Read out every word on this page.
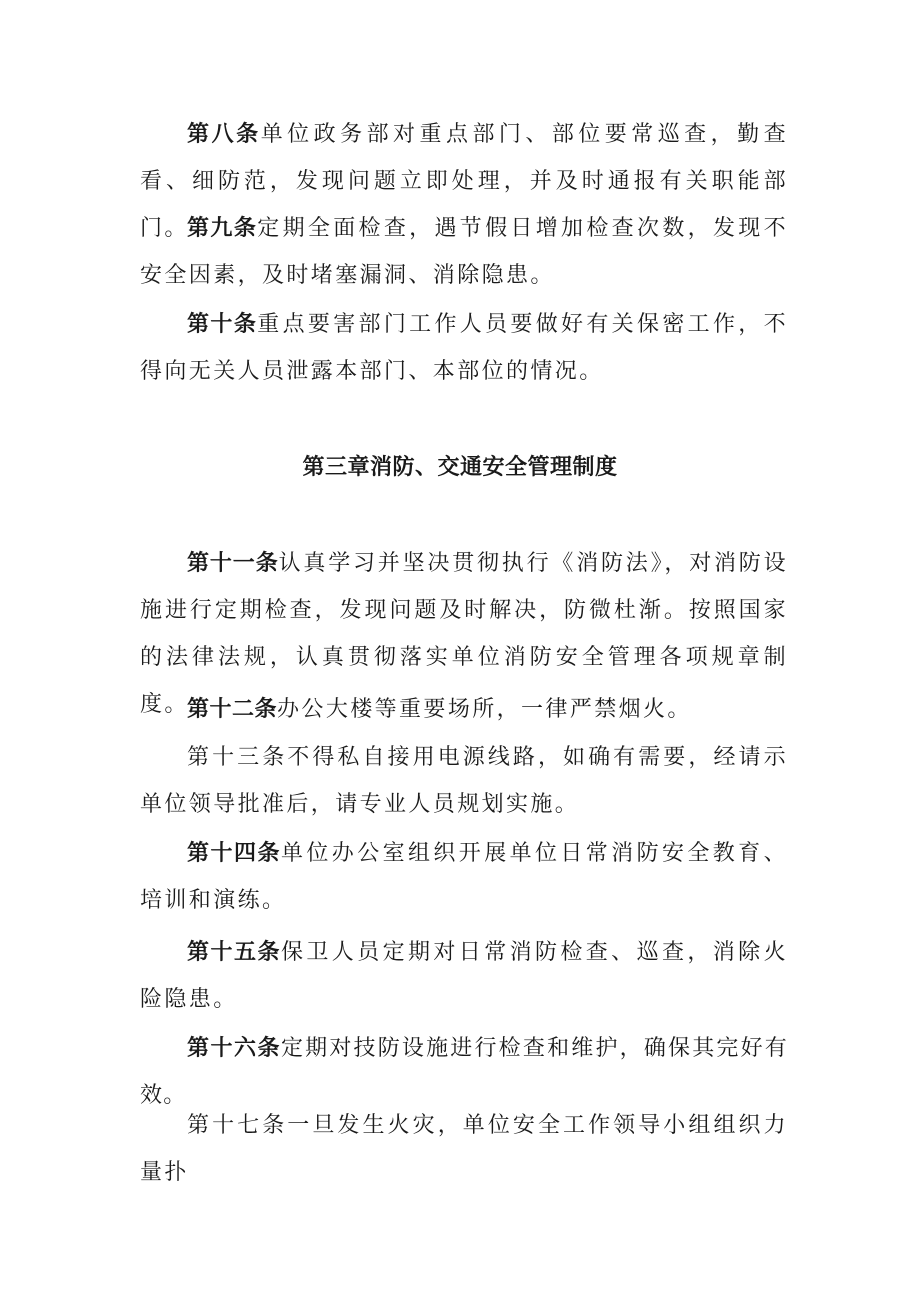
第八条单位政务部对重点部门、部位要常巡查，勤查看、细防范，发现问题立即处理，并及时通报有关职能部门。

第九条定期全面检查，遇节假日增加检查次数，发现不安全因素，及时堵塞漏洞、消除隐患。

第十条重点要害部门工作人员要做好有关保密工作，不得向无关人员泄露本部门、本部位的情况。

第三章消防、交通安全管理制度

第十一条认真学习并坚决贯彻执行《消防法》，对消防设施进行定期检查，发现问题及时解决，防微杜渐。按照国家的法律法规，认真贯彻落实单位消防安全管理各项规章制度。

第十二条办公大楼等重要场所，一律严禁烟火。

第十三条不得私自接用电源线路，如确有需要，经请示单位领导批准后，请专业人员规划实施。

第十四条单位办公室组织开展单位日常消防安全教育、培训和演练。

第十五条保卫人员定期对日常消防检查、巡查，消除火险隐患。

第十六条定期对技防设施进行检查和维护，确保其完好有效。

第十七条一旦发生火灾，单位安全工作领导小组组织力量扑
